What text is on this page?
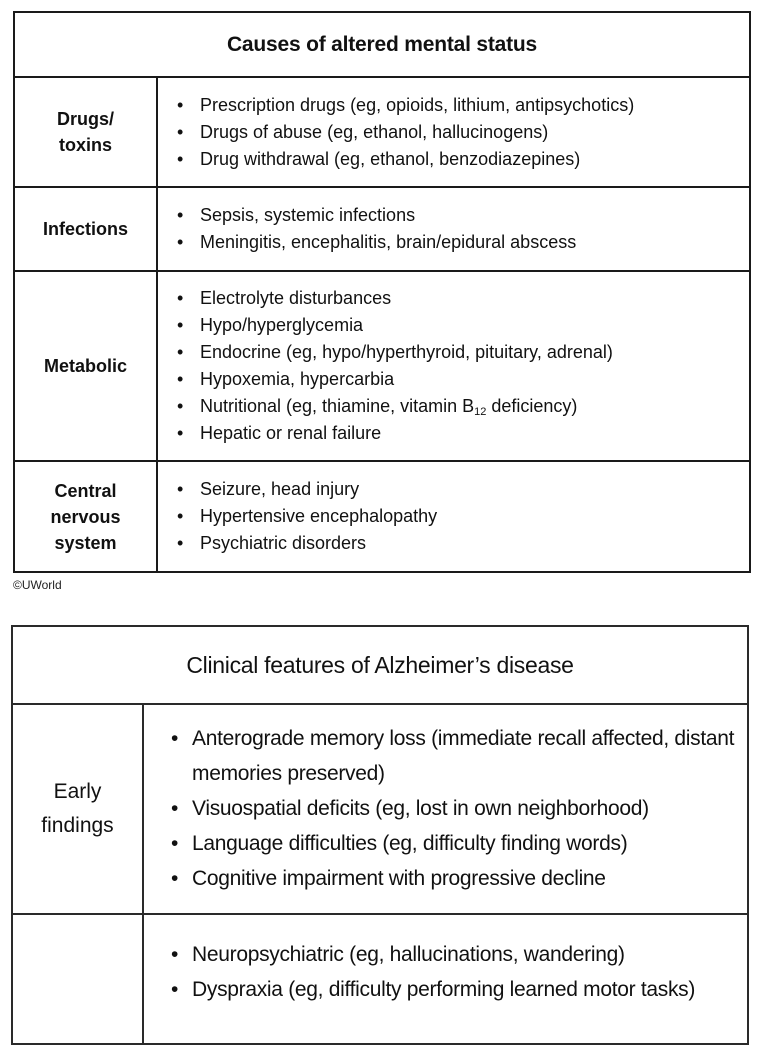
Causes of altered mental status
Drugs/
toxins
• Prescription drugs (eg, opioids, lithium, antipsychotics)
• Drugs of abuse (eg, ethanol, hallucinogens)
• Drug withdrawal (eg, ethanol, benzodiazepines)
Infections
• Sepsis, systemic infections
• Meningitis, encephalitis, brain/epidural abscess
Metabolic
• Electrolyte disturbances
• Hypo/hyperglycemia
• Endocrine (eg, hypo/hyperthyroid, pituitary, adrenal)
• Hypoxemia, hypercarbia
• Nutritional (eg, thiamine, vitamin $B_{12}$ deficiency)
• Hepatic or renal failure
Central
nervous
system
• Seizure, head injury
• Hypertensive encephalopathy
• Psychiatric disorders
©UWorld
Clinical features of Alzheimer’s disease
Early
findings
• Anterograde memory loss (immediate recall affected, distant memories preserved)
• Visuospatial deficits (eg, lost in own neighborhood)
• Language difficulties (eg, difficulty finding words)
• Cognitive impairment with progressive decline
• Neuropsychiatric (eg, hallucinations, wandering)
• Dyspraxia (eg, difficulty performing learned motor tasks)
